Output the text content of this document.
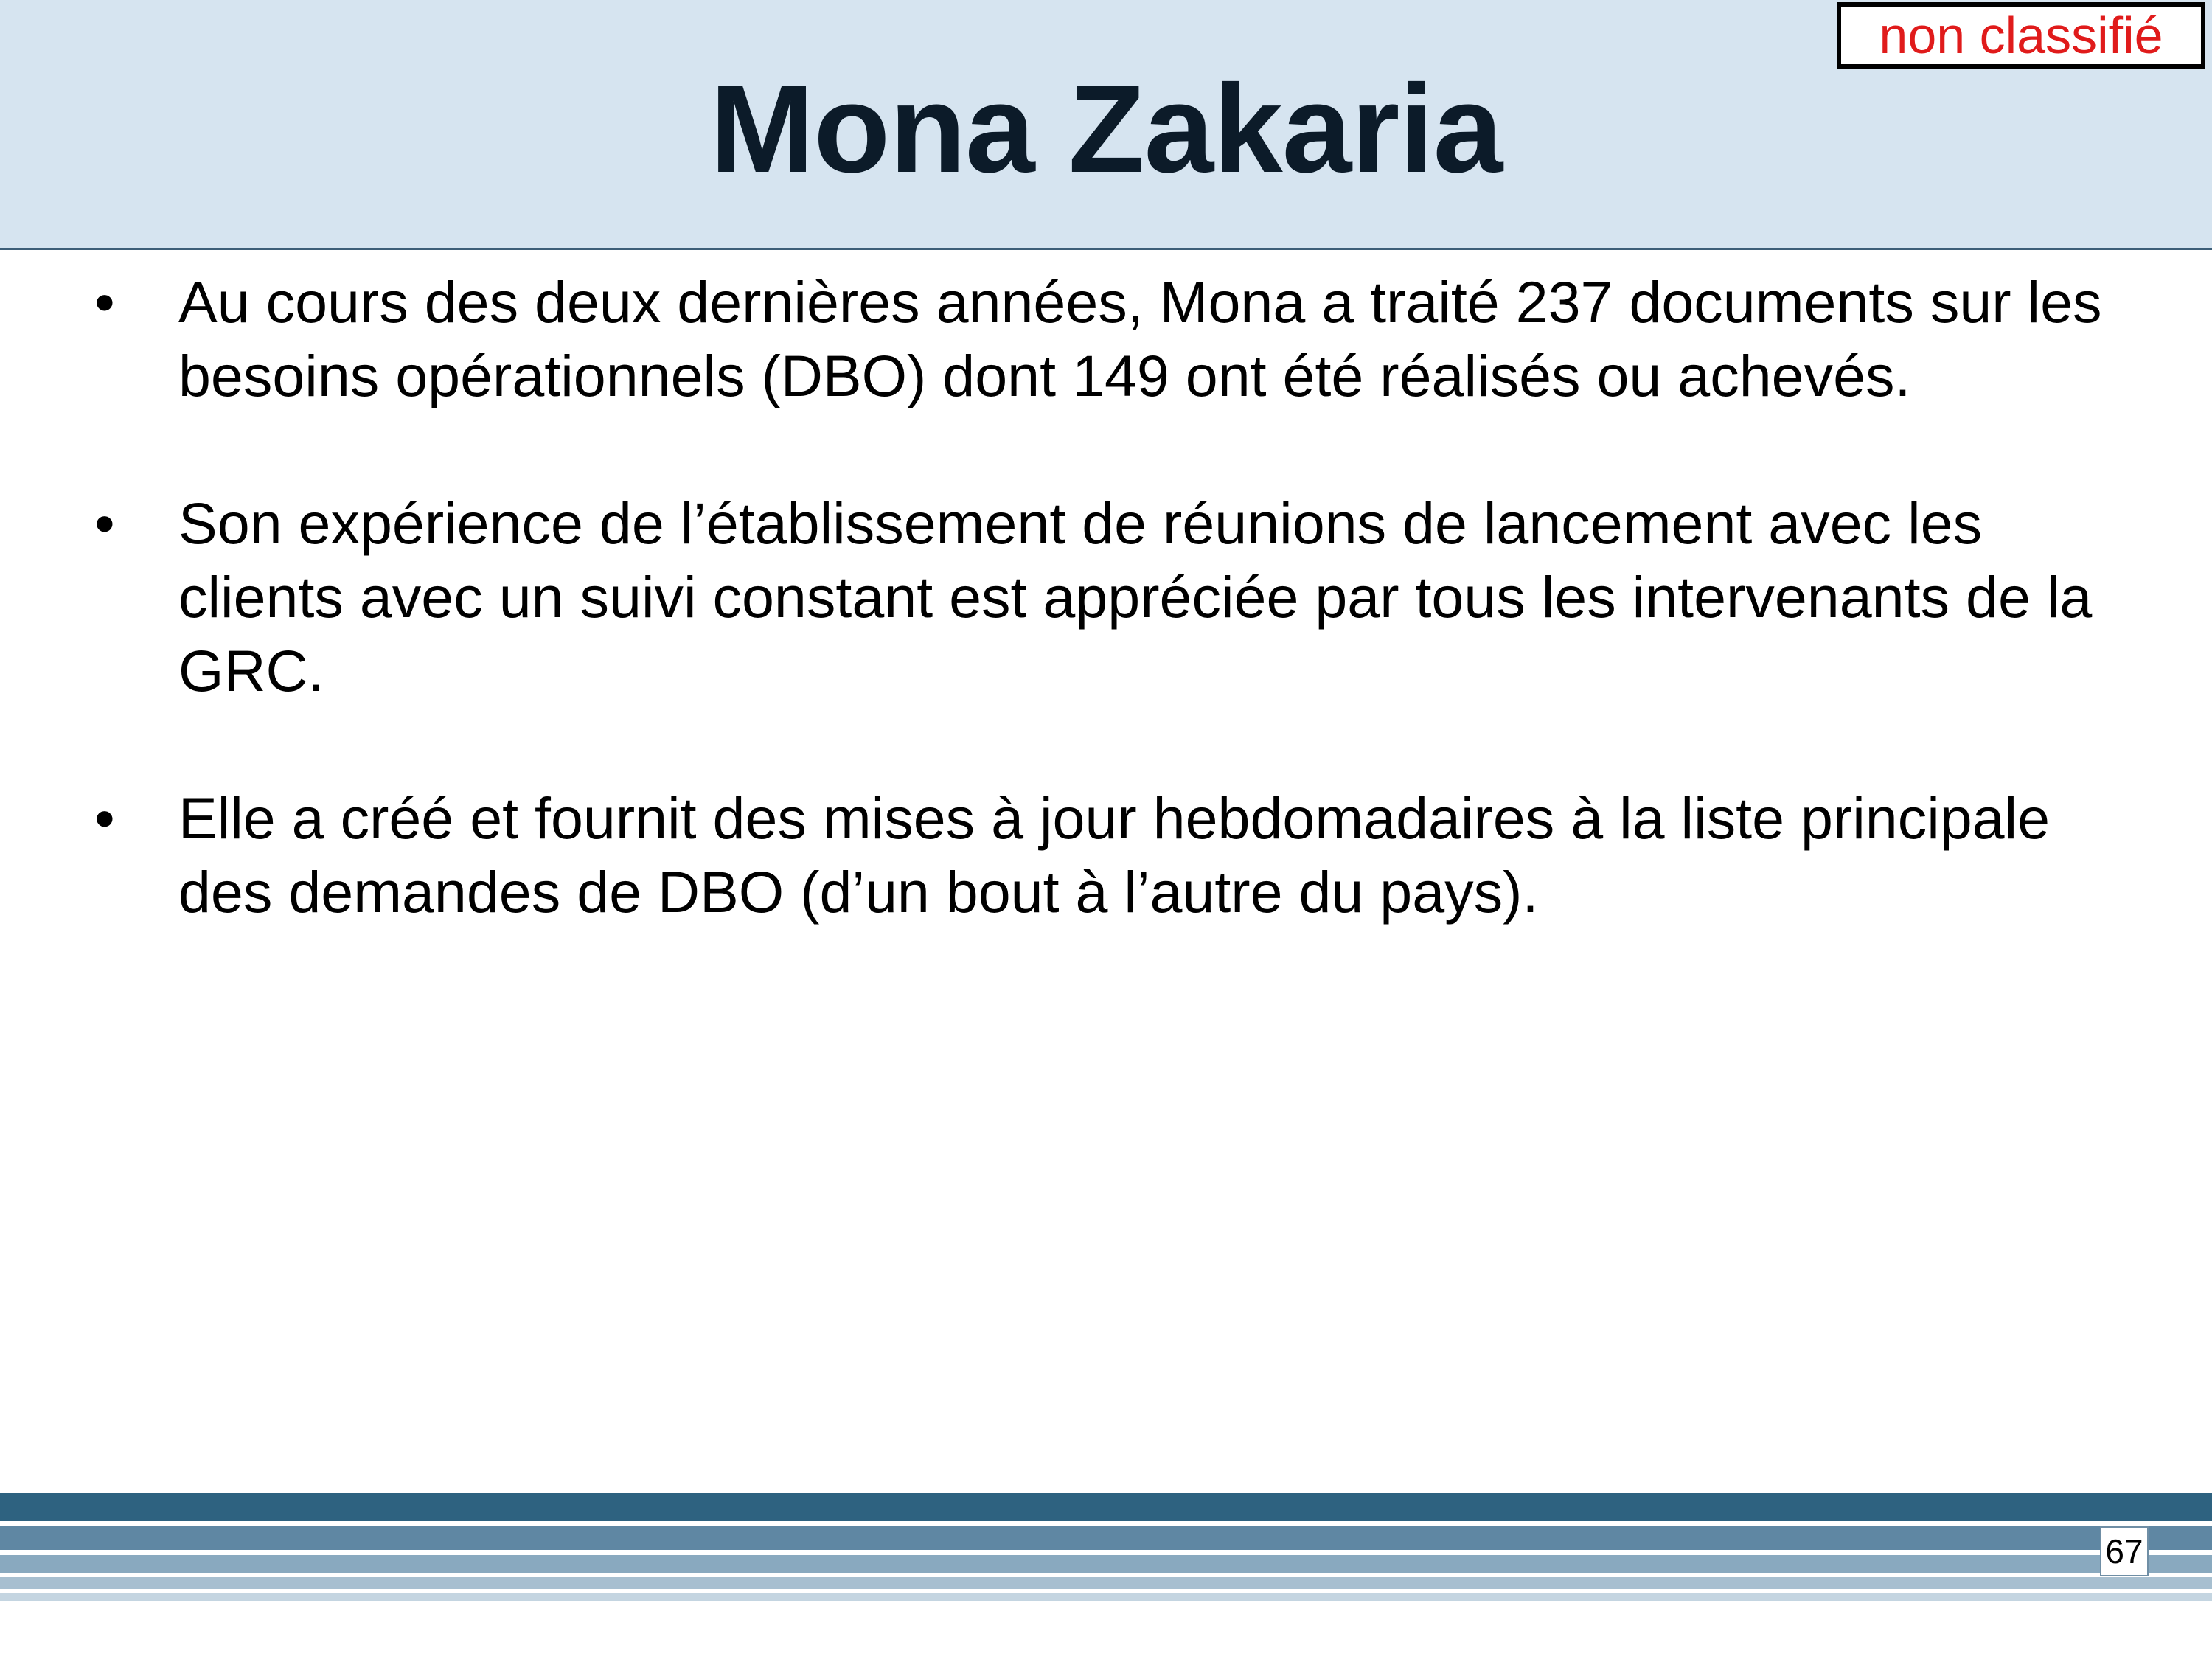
Mona Zakaria
non classifié
• Au cours des deux dernières années, Mona a traité 237 documents sur les besoins opérationnels (DBO) dont 149 ont été réalisés ou achevés.
• Son expérience de l’établissement de réunions de lancement avec les clients avec un suivi constant est appréciée par tous les intervenants de la GRC.
• Elle a créé et fournit des mises à jour hebdomadaires à la liste principale des demandes de DBO (d’un bout à l’autre du pays).
67
